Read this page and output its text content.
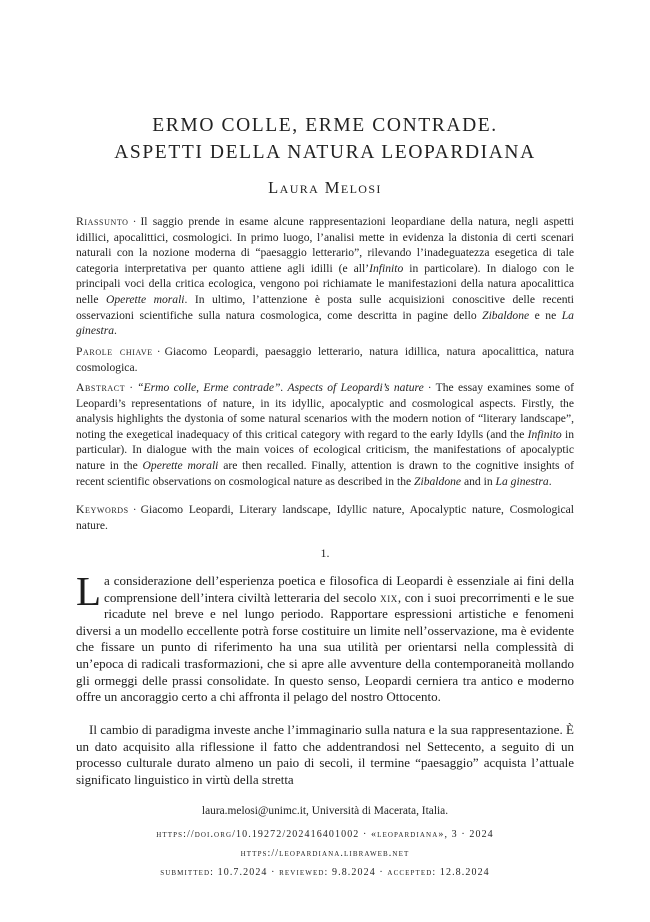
ERMO COLLE, ERME CONTRADE.
ASPETTI DELLA NATURA LEOPARDIANA
Laura Melosi
Riassunto · Il saggio prende in esame alcune rappresentazioni leopardiane della natura, negli aspetti idillici, apocalittici, cosmologici. In primo luogo, l’analisi mette in evidenza la distonia di certi scenari naturali con la nozione moderna di “paesaggio letterario”, rilevando l’inadeguatezza esegetica di tale categoria interpretativa per quanto attiene agli idilli (e all’Infinito in particolare). In dialogo con le principali voci della critica ecologica, vengono poi richiamate le manifestazioni della natura apocalittica nelle Operette morali. In ultimo, l’attenzione è posta sulle acquisizioni conoscitive delle recenti osservazioni scientifiche sulla natura cosmologica, come descritta in pagine dello Zibaldone e ne La ginestra.
Parole chiave · Giacomo Leopardi, paesaggio letterario, natura idillica, natura apocalittica, natura cosmologica.
Abstract · “Ermo colle, Erme contrade”. Aspects of Leopardi’s nature · The essay examines some of Leopardi’s representations of nature, in its idyllic, apocalyptic and cosmological aspects. Firstly, the analysis highlights the dystonia of some natural scenarios with the modern notion of “literary landscape”, noting the exegetical inadequacy of this critical category with regard to the early Idylls (and the Infinito in particular). In dialogue with the main voices of ecological criticism, the manifestations of apocalyptic nature in the Operette morali are then recalled. Finally, attention is drawn to the cognitive insights of recent scientific observations on cosmological nature as described in the Zibaldone and in La ginestra.
Keywords · Giacomo Leopardi, Literary landscape, Idyllic nature, Apocalyptic nature, Cosmological nature.
1.
La considerazione dell’esperienza poetica e filosofica di Leopardi è essenziale ai fini della comprensione dell’intera civiltà letteraria del secolo xix, con i suoi precorrimenti e le sue ricadute nel breve e nel lungo periodo. Rapportare espressioni artistiche e fenomeni diversi a un modello eccellente potrà forse costituire un limite nell’osservazione, ma è evidente che fissare un punto di riferimento ha una sua utilità per orientarsi nella complessità di un’epoca di radicali trasformazioni, che si apre alle avventure della contemporaneità mollando gli ormeggi delle prassi consolidate. In questo senso, Leopardi cerniera tra antico e moderno offre un ancoraggio certo a chi affronta il pelago del nostro Ottocento.
Il cambio di paradigma investe anche l’immaginario sulla natura e la sua rappresentazione. È un dato acquisito alla riflessione il fatto che addentrandosi nel Settecento, a seguito di un processo culturale durato almeno un paio di secoli, il termine “paesaggio” acquista l’attuale significato linguistico in virtù della stretta
laura.melosi@unimc.it, Università di Macerata, Italia.
https://doi.org/10.19272/202416401002 · «leopardiana», 3 · 2024
https://leopardiana.libraweb.net
submitted: 10.7.2024 · reviewed: 9.8.2024 · accepted: 12.8.2024
